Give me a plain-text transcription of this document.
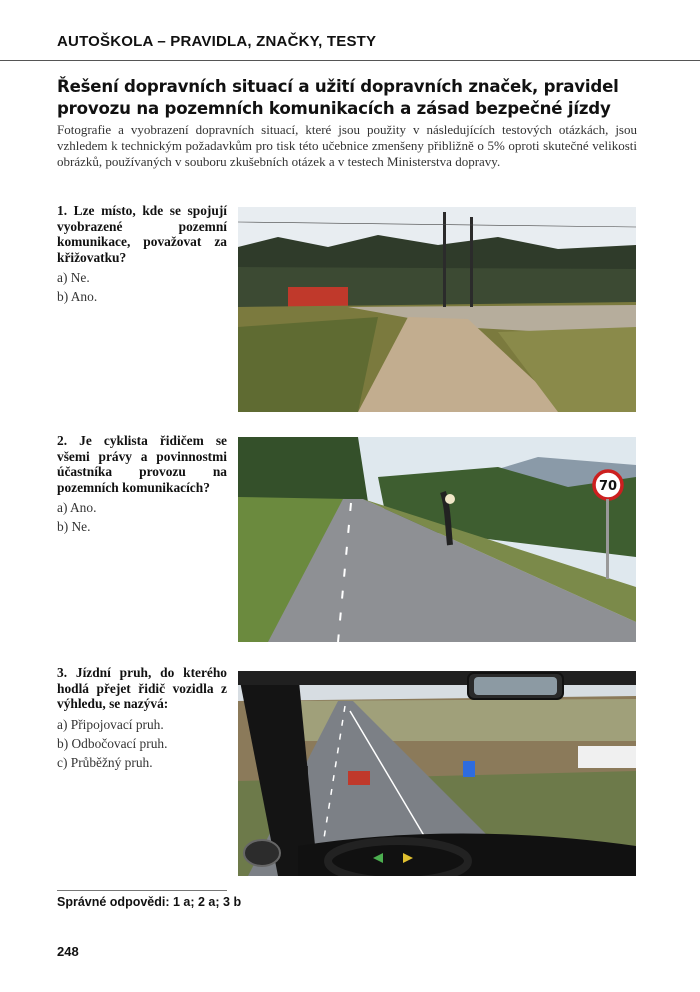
AUTOŠKOLA – PRAVIDLA, ZNAČKY, TESTY
Řešení dopravních situací a užití dopravních značek, pravidel
provozu na pozemních komunikacích a zásad bezpečné jízdy

Fotografie a vyobrazení dopravních situací, které jsou použity v následujících testových otázkách, jsou vzhledem k technickým požadavkům pro tisk této učebnice zmenšeny přibližně o 5% oproti skutečné velikosti obrázků, používaných v souboru zkušebních otázek a v testech Ministerstva dopravy.

1. Lze místo, kde se spojují vyobrazené pozemní komunikace, považovat za křižovatku?

a) Ne.
b) Ano.

2. Je cyklista řidičem se všemi právy a povinnostmi účastníka provozu na pozemních komunikacích?

a) Ano.
b) Ne.
70

3. Jízdní pruh, do kterého hodlá přejet řidič vozidla z výhledu, se nazývá:

a) Připojovací pruh.
b) Odbočovací pruh.
c) Průběžný pruh.
Správné odpovědi: 1 a; 2 a; 3 b
248
